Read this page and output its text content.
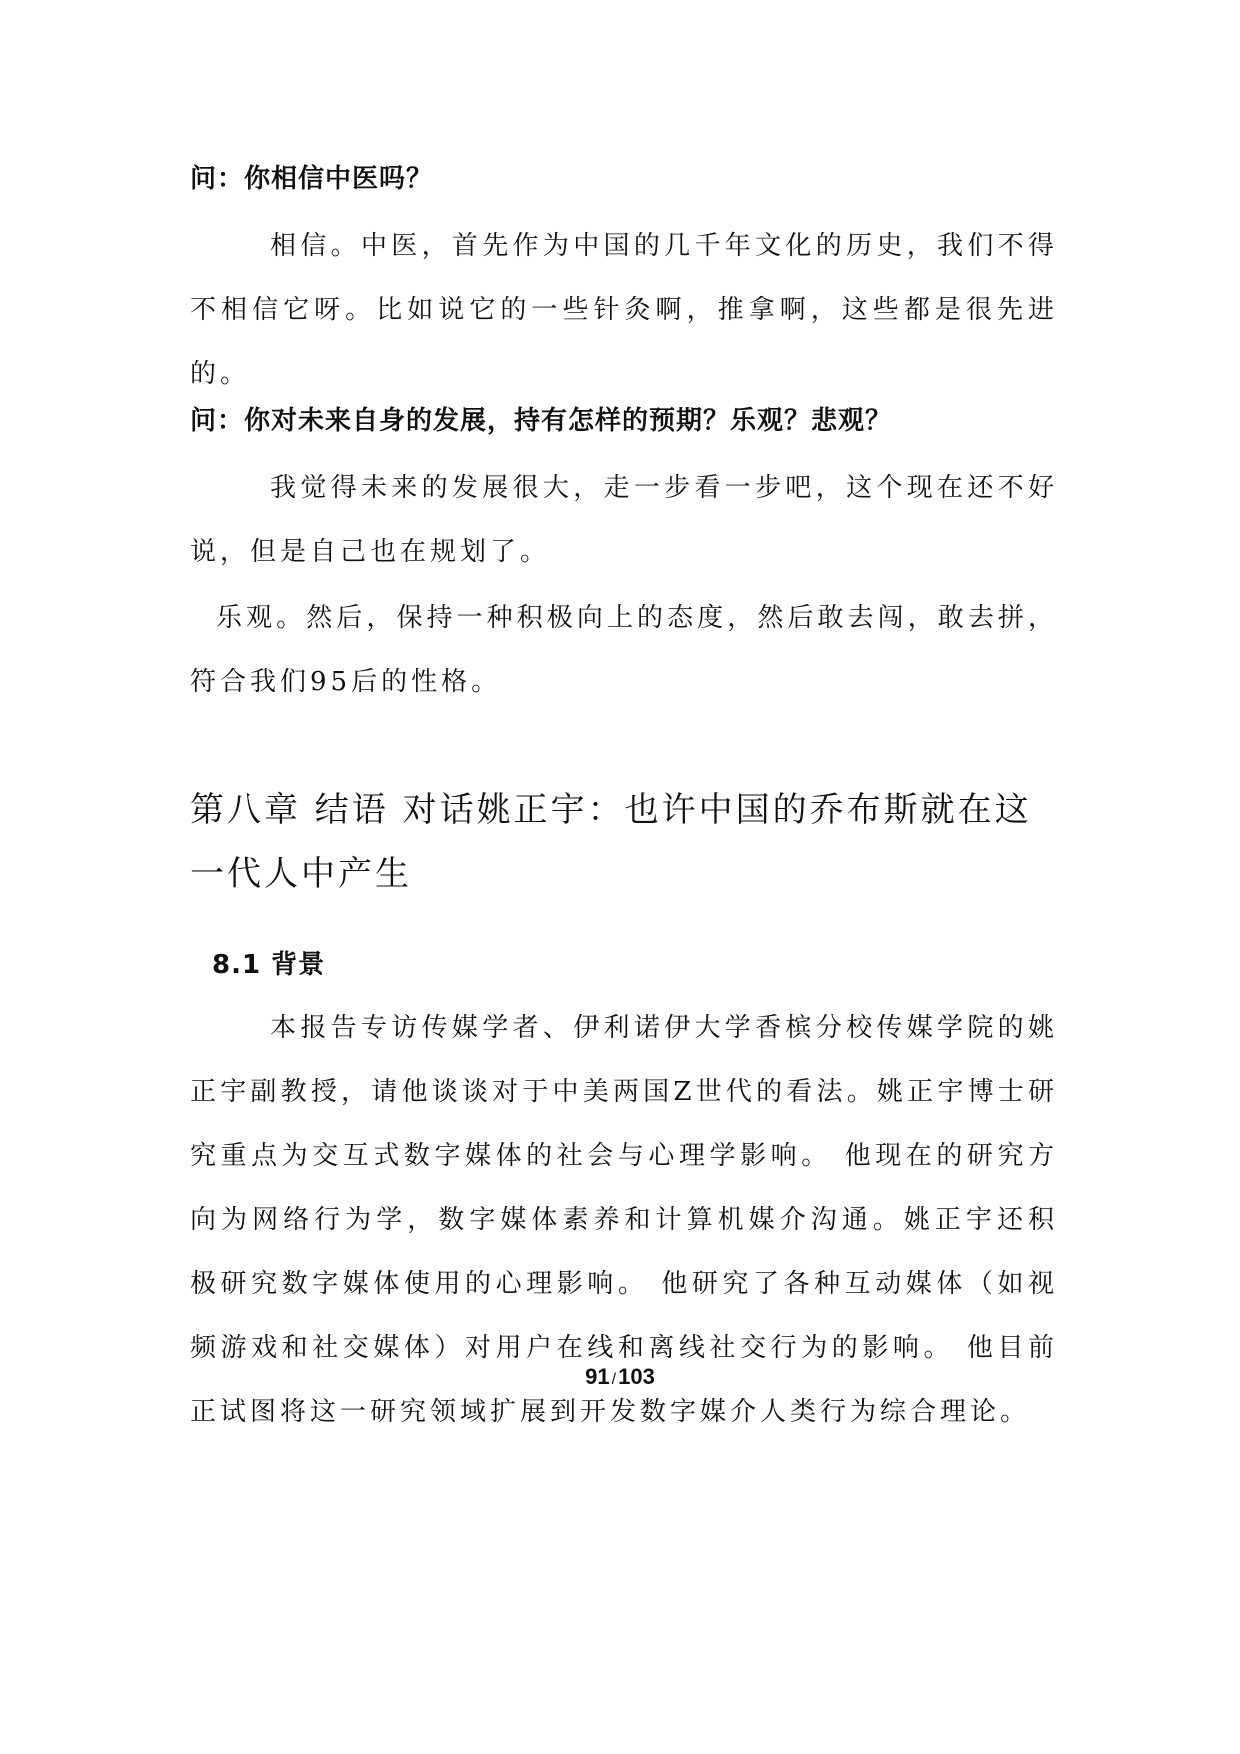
问：你相信中医吗？

相信。中医，首先作为中国的几千年文化的历史，我们不得不相信它呀。比如说它的一些针灸啊，推拿啊，这些都是很先进的。

问：你对未来自身的发展，持有怎样的预期？乐观？悲观？

我觉得未来的发展很大，走一步看一步吧，这个现在还不好说，但是自己也在规划了。

乐观。然后，保持一种积极向上的态度，然后敢去闯，敢去拼，符合我们95后的性格。

第八章 结语 对话姚正宇：也许中国的乔布斯就在这一代人中产生
8.1 背景

本报告专访传媒学者、伊利诺伊大学香槟分校传媒学院的姚正宇副教授，请他谈谈对于中美两国Z世代的看法。姚正宇博士研究重点为交互式数字媒体的社会与心理学影响。 他现在的研究方向为网络行为学，数字媒体素养和计算机媒介沟通。姚正宇还积极研究数字媒体使用的心理影响。 他研究了各种互动媒体（如视频游戏和社交媒体）对用户在线和离线社交行为的影响。 他目前正试图将这一研究领域扩展到开发数字媒介人类行为综合理论。

91 /103
